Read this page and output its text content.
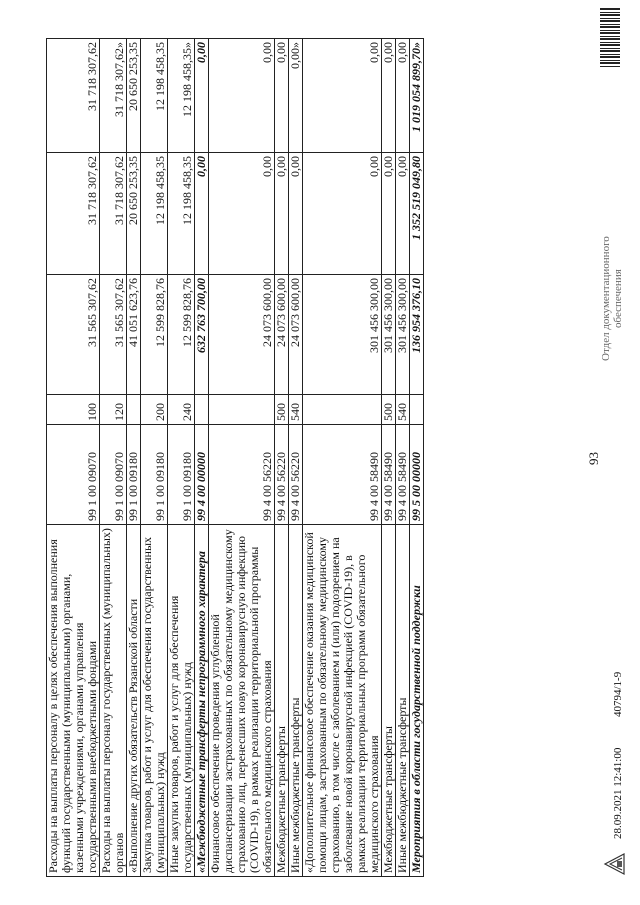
93
Расходы на выплаты персоналу в целях обеспечения выполнения функций государственными (муниципальными) органами, казенными учреждениями, органами управления государственными внебюджетными фондами	99 1 00 09070	100	31 565 307,62	31 718 307,62	31 718 307,62
Расходы на выплаты персоналу государственных (муниципальных) органов	99 1 00 09070	120	31 565 307,62	31 718 307,62	31 718 307,62»
«Выполнение других обязательств Рязанской области	99 1 00 09180		41 051 623,76	20 650 253,35	20 650 253,35
Закупка товаров, работ и услуг для обеспечения государственных (муниципальных) нужд	99 1 00 09180	200	12 599 828,76	12 198 458,35	12 198 458,35
Иные закупки товаров, работ и услуг для обеспечения государственных (муниципальных) нужд	99 1 00 09180	240	12 599 828,76	12 198 458,35	12 198 458,35»
«Межбюджетные трансферты непрограммного характера	99 4 00 00000		632 763 700,00	0,00	0,00
Финансовое обеспечение проведения углубленной диспансеризации застрахованных по обязательному медицинскому страхованию лиц, перенесших новую коронавирусную инфекцию (COVID-19), в рамках реализации территориальной программы обязательного медицинского страхования	99 4 00 56220		24 073 600,00	0,00	0,00
Межбюджетные трансферты	99 4 00 56220	500	24 073 600,00	0,00	0,00
Иные межбюджетные трансферты	99 4 00 56220	540	24 073 600,00	0,00	0,00»
«Дополнительное финансовое обеспечение оказания медицинской помощи лицам, застрахованным по обязательному медицинскому страхованию, в том числе с заболеванием и (или) подозрением на заболевание новой коронавирусной инфекцией (COVID-19), в рамках реализации территориальных программ обязательного медицинского страхования	99 4 00 58490		301 456 300,00	0,00	0,00
Межбюджетные трансферты	99 4 00 58490	500	301 456 300,00	0,00	0,00
Иные межбюджетные трансферты	99 4 00 58490	540	301 456 300,00	0,00	0,00
Мероприятия в области государственной поддержки	99 5 00 00000		136 954 376,10	1 352 519 049,80	1 019 054 899,70»
28.09.2021 12:41:00
40794/1-9
Отдел документационного обеспечения
